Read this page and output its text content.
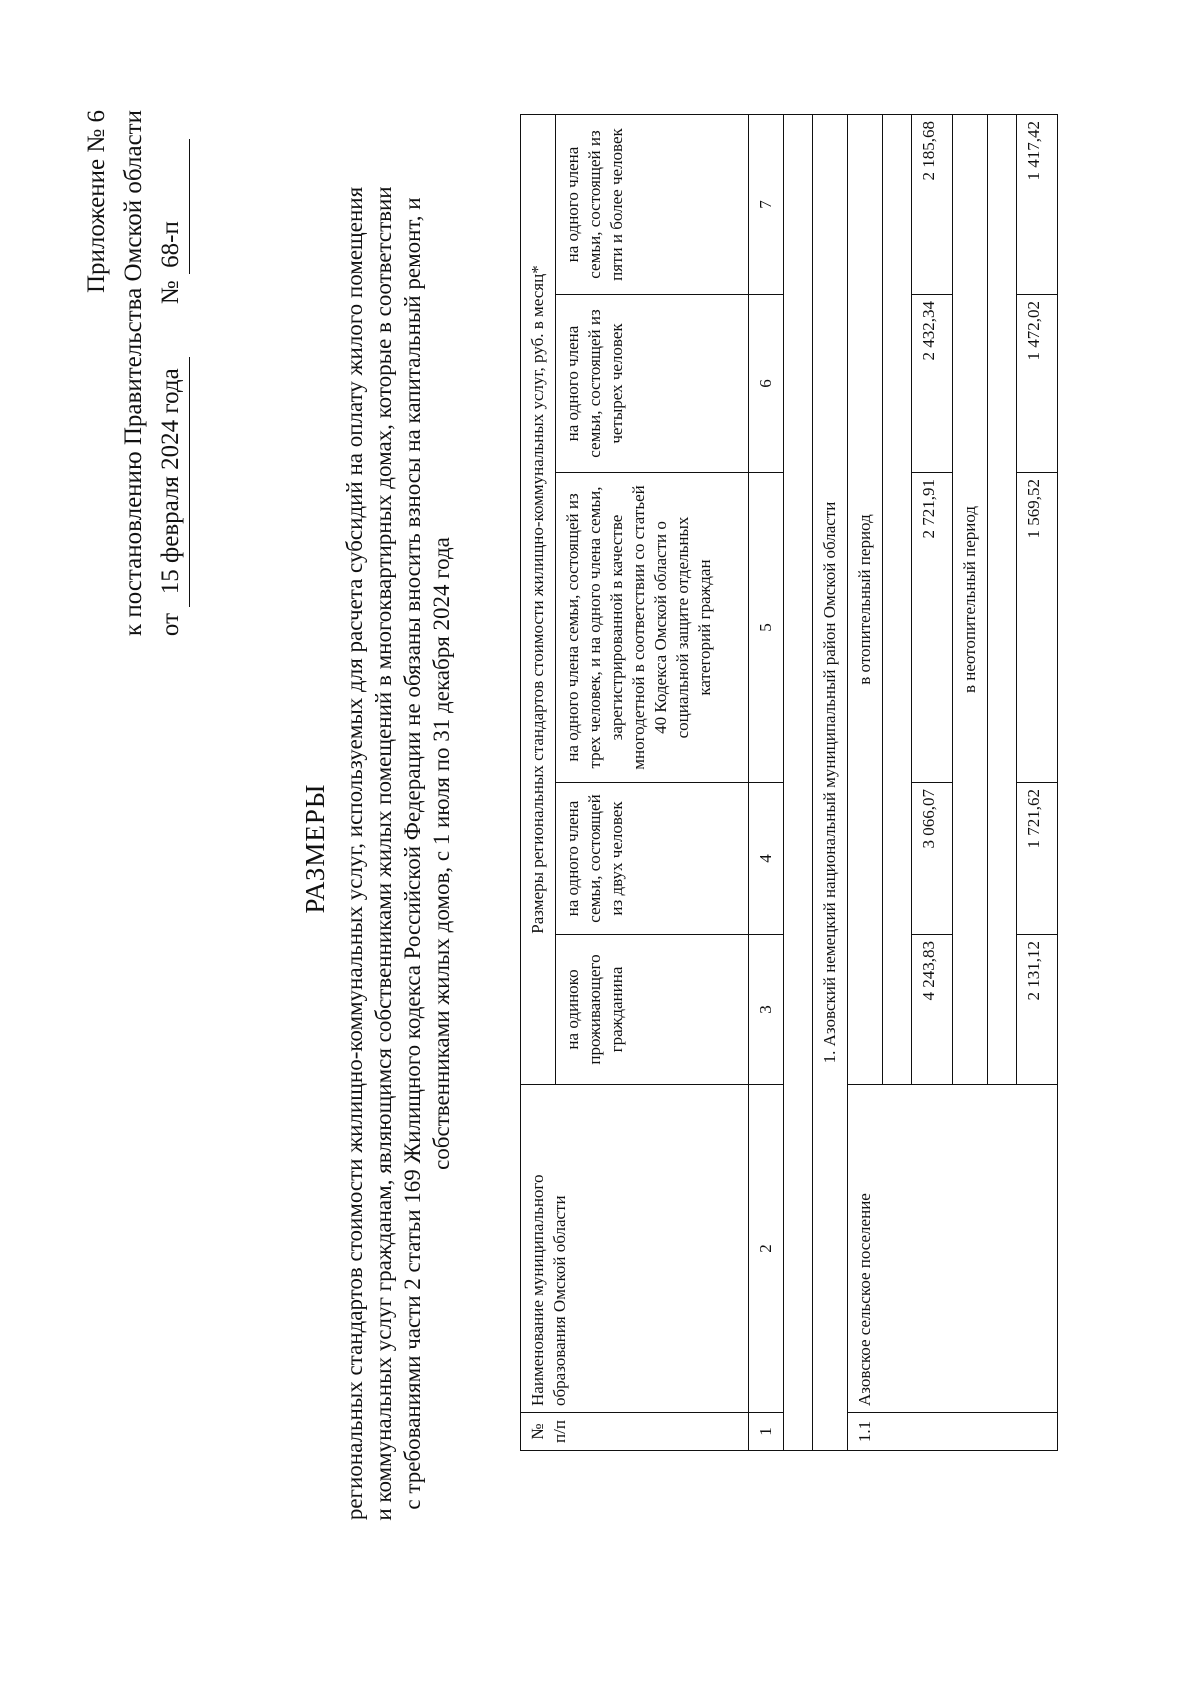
Приложение № 6 к постановлению Правительства Омской области от   15 февраля 2024 года  №  68-п
РАЗМЕРЫ региональных стандартов стоимости жилищно-коммунальных услуг, используемых для расчета субсидий на оплату жилого помещения и коммунальных услуг гражданам, являющимся собственниками жилых помещений в многоквартирных домах, которые в соответствии с требованиями части 2 статьи 169 Жилищного кодекса Российской Федерации не обязаны вносить взносы на капитальный ремонт, и собственниками жилых домов, с 1 июля по 31 декабря 2024 года
№ п/п	Наименование муниципального образования Омской области	Размеры региональных стандартов стоимости жилищно-коммунальных услуг, руб. в месяц*				
		на одиноко проживающего гражданина	на одного члена семьи, состоящей из двух человек	на одного члена семьи, состоящей из трех человек, и на одного члена семьи, зарегистрированной в качестве многодетной в соответствии со статьей 40 Кодекса Омской области о социальной защите отдельных категорий граждан	на одного члена семьи, состоящей из четырех человек	на одного члена семьи, состоящей из пяти и более человек
1	2	3	4	5	6	7

1. Азовский немецкий национальный муниципальный район Омской области						
1.1	Азовское сельское поселение	в отопительный период				

		4 243,83	3 066,07	2 721,91	2 432,34	2 185,68
		в неотопительный период				

		2 131,12	1 721,62	1 569,52	1 472,02	1 417,42
